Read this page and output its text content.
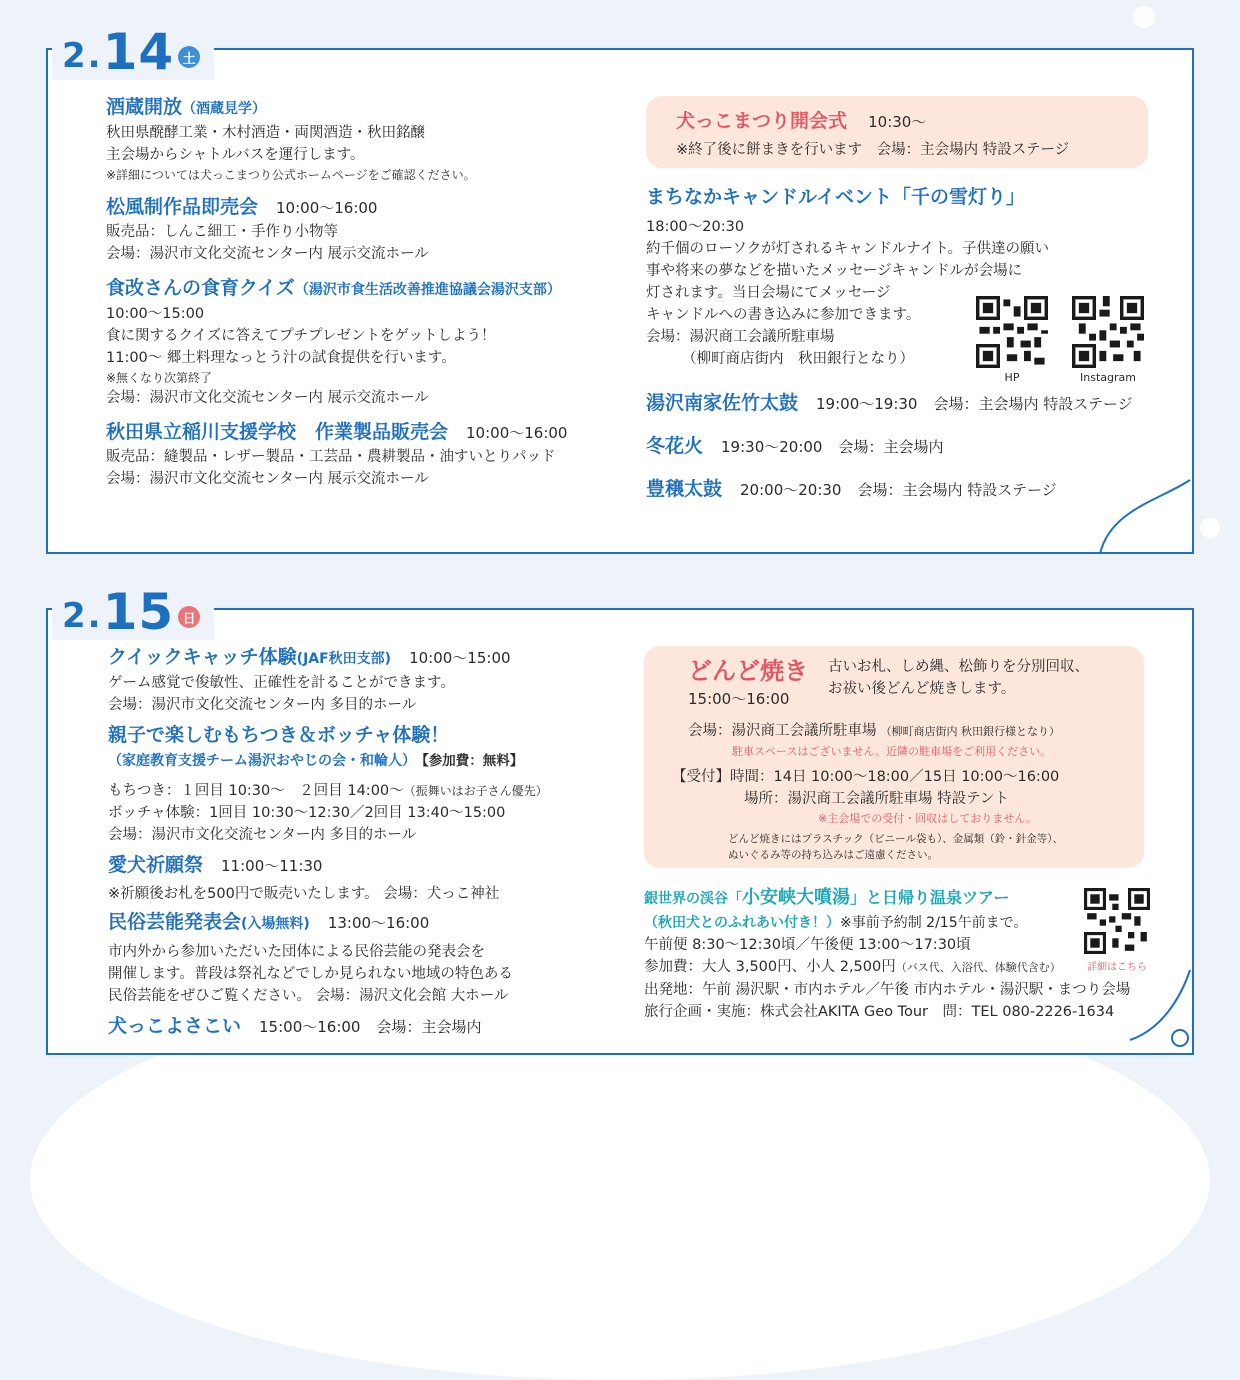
2 . 14 土
酒蔵開放（酒蔵見学）
秋田県醗酵工業・木村酒造・両関酒造・秋田銘醸
主会場からシャトルバスを運行します。
※詳細については犬っこまつり公式ホームページをご確認ください。
松風制作品即売会 10:00〜16:00
販売品：しんこ細工・手作り小物等
会場：湯沢市文化交流センター内 展示交流ホール
食改さんの食育クイズ（湯沢市食生活改善推進協議会湯沢支部）
10:00〜15:00
食に関するクイズに答えてプチプレゼントをゲットしよう！
11:00〜 郷土料理なっとう汁の試食提供を行います。
※無くなり次第終了
会場：湯沢市文化交流センター内 展示交流ホール
秋田県立稲川支援学校　作業製品販売会 10:00〜16:00
販売品：縫製品・レザー製品・工芸品・農耕製品・油すいとりパッド
会場：湯沢市文化交流センター内 展示交流ホール
犬っこまつり開会式 10:30〜
※終了後に餅まきを行います　会場：主会場内 特設ステージ
まちなかキャンドルイベント「千の雪灯り」
18:00〜20:30
約千個のローソクが灯されるキャンドルナイト。子供達の願い
事や将来の夢などを描いたメッセージキャンドルが会場に
灯されます。当日会場にてメッセージ
キャンドルへの書き込みに参加できます。
会場：湯沢商工会議所駐車場
（柳町商店街内　秋田銀行となり）
HP	Instagram
湯沢南家佐竹太鼓 19:00〜19:30 会場：主会場内 特設ステージ
冬花火 19:30〜20:00 会場：主会場内
豊穣太鼓 20:00〜20:30 会場：主会場内 特設ステージ
2 . 15 日
クイックキャッチ体験(JAF秋田支部) 10:00〜15:00
ゲーム感覚で俊敏性、正確性を計ることができます。
会場：湯沢市文化交流センター内 多目的ホール
親子で楽しむもちつき＆ボッチャ体験！
（家庭教育支援チーム湯沢おやじの会・和輪人） 【参加費：無料】
もちつき：１回目 10:30〜　２回目 14:00〜（振舞いはお子さん優先）
ボッチャ体験：1回目 10:30〜12:30／2回目 13:40〜15:00
会場：湯沢市文化交流センター内 多目的ホール
愛犬祈願祭 11:00〜11:30
※祈願後お札を500円で販売いたします。 会場：犬っこ神社
民俗芸能発表会(入場無料) 13:00〜16:00
市内外から参加いただいた団体による民俗芸能の発表会を
開催します。普段は祭礼などでしか見られない地域の特色ある
民俗芸能をぜひご覧ください。 会場：湯沢文化会館 大ホール
犬っこよさこい 15:00〜16:00 会場：主会場内
どんど焼き
15:00〜16:00
古いお札、しめ縄、松飾りを分別回収、
お祓い後どんど焼きします。
会場：湯沢商工会議所駐車場 （柳町商店街内 秋田銀行様となり）
駐車スペースはございません。近隣の駐車場をご利用ください。
【受付】時間：14日 10:00〜18:00／15日 10:00〜16:00
場所：湯沢商工会議所駐車場 特設テント
※主会場での受付・回収はしておりません。
どんど焼きにはプラスチック（ビニール袋も）、金属類（鈴・針金等）、
ぬいぐるみ等の持ち込みはご遠慮ください。
銀世界の渓谷「小安峡大噴湯」と日帰り温泉ツアー
（秋田犬とのふれあい付き！）※事前予約制 2/15午前まで。
午前便 8:30〜12:30頃／午後便 13:00〜17:30頃
参加費：大人 3,500円、小人 2,500円（バス代、入浴代、体験代含む）
出発地：午前 湯沢駅・市内ホテル／午後 市内ホテル・湯沢駅・まつり会場
旅行企画・実施：株式会社AKITA Geo Tour　問：TEL 080-2226-1634
詳細はこちら
